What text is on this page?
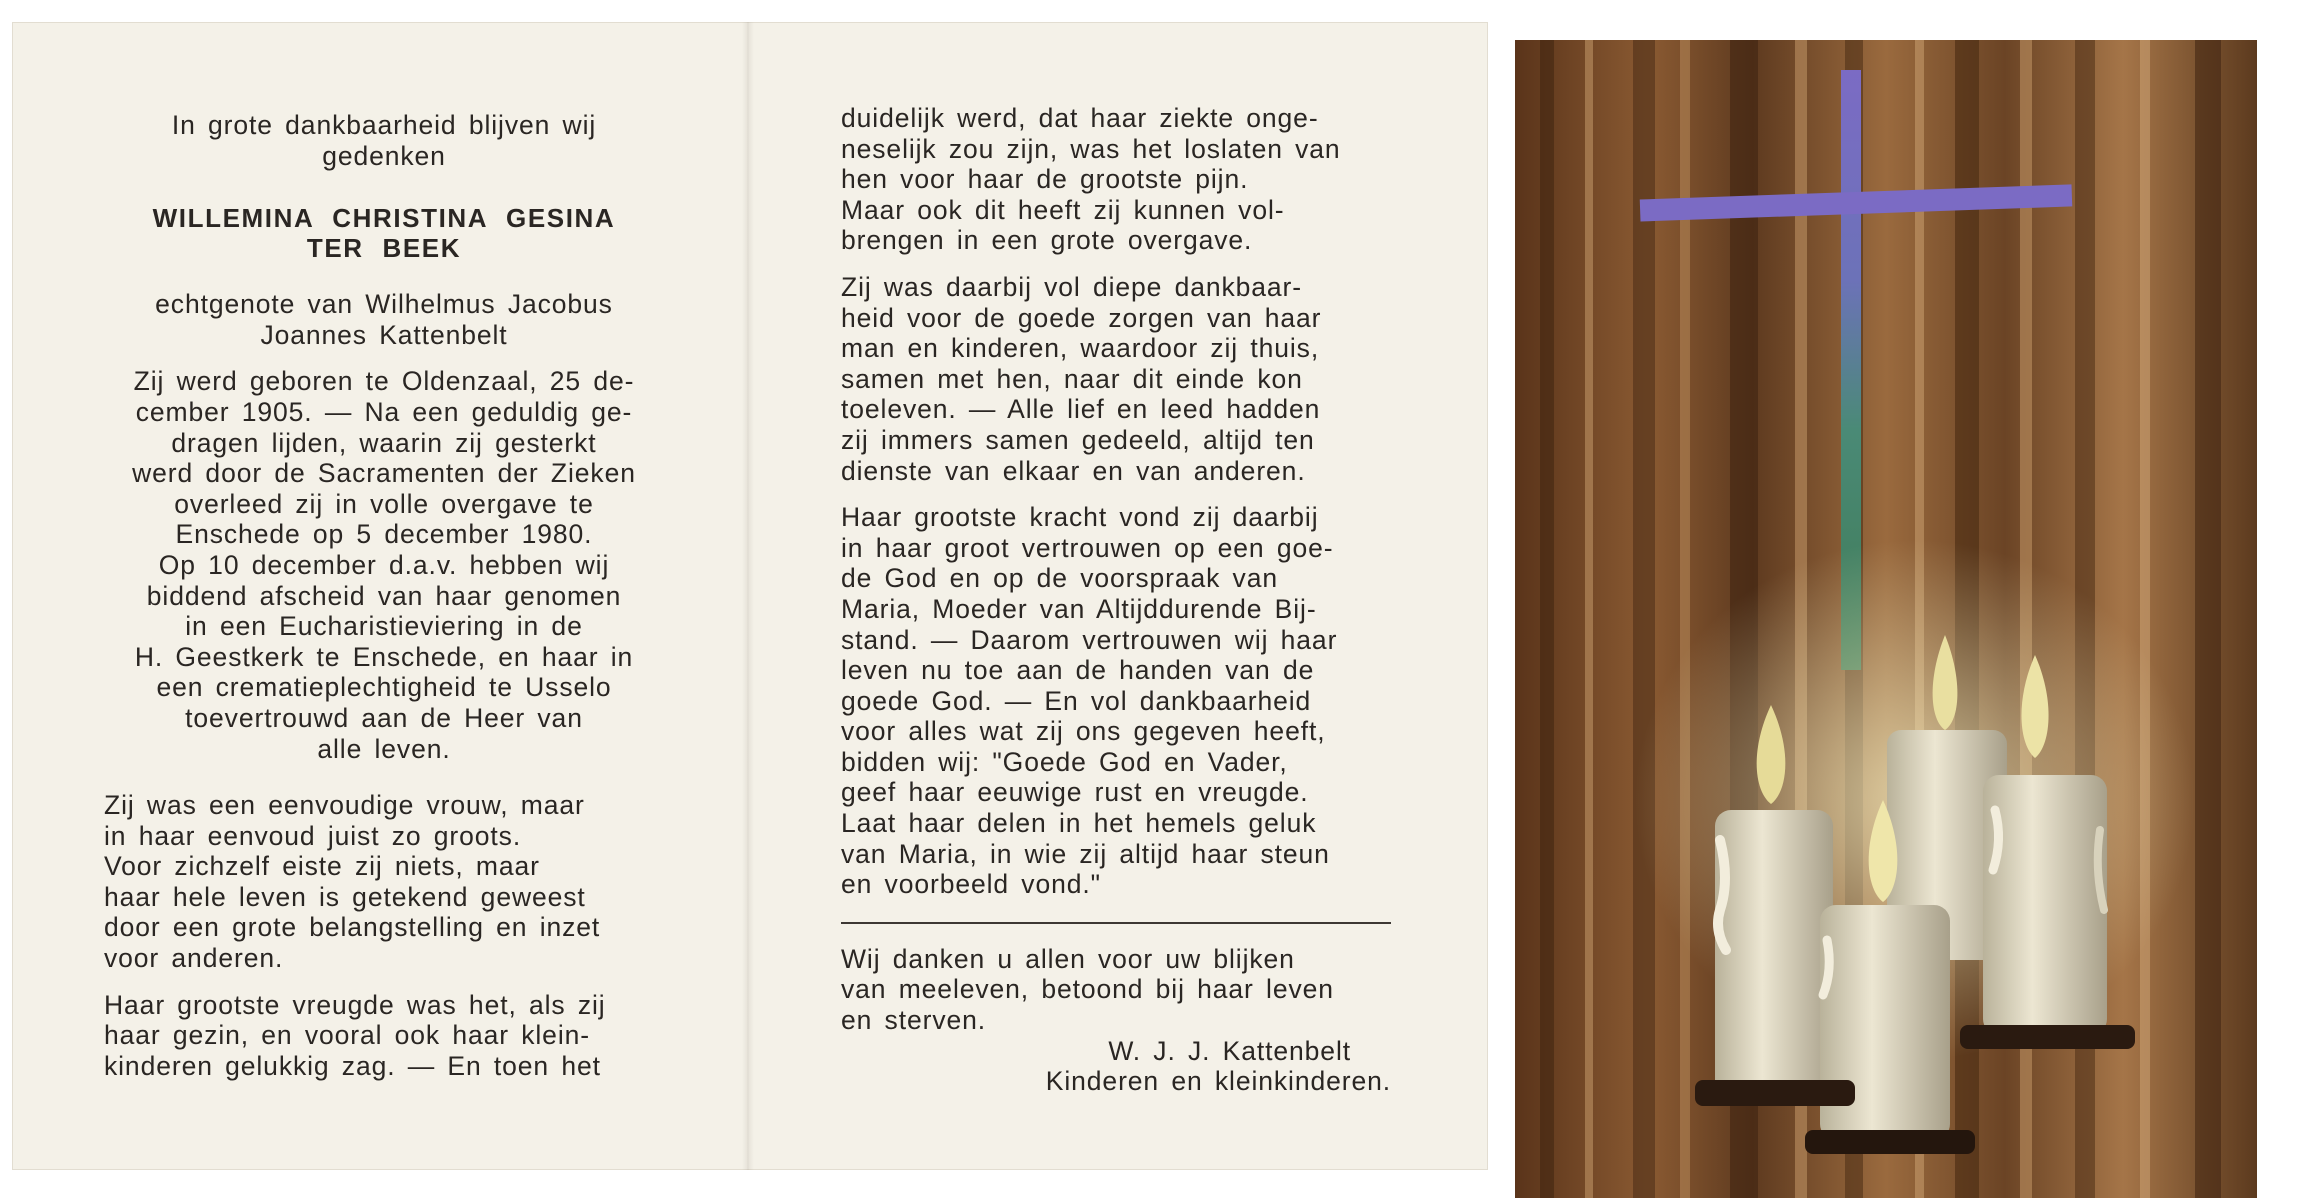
In grote dankbaarheid blijven wij gedenken

WILLEMINA CHRISTINA GESINA
TER BEEK
echtgenote van Wilhelmus Jacobus
Joannes Kattenbelt
Zij werd geboren te Oldenzaal, 25 de-
cember 1905. — Na een geduldig ge-
dragen lijden, waarin zij gesterkt
werd door de Sacramenten der Zieken
overleed zij in volle overgave te
Enschede op 5 december 1980.
Op 10 december d.a.v. hebben wij
biddend afscheid van haar genomen
in een Eucharistieviering in de
H. Geestkerk te Enschede, en haar in
een crematieplechtigheid te Usselo
toevertrouwd aan de Heer van
alle leven.
Zij was een eenvoudige vrouw, maar
in haar eenvoud juist zo groots.
Voor zichzelf eiste zij niets, maar
haar hele leven is getekend geweest
door een grote belangstelling en inzet
voor anderen.
Haar grootste vreugde was het, als zij
haar gezin, en vooral ook haar klein-
kinderen gelukkig zag. — En toen het
duidelijk werd, dat haar ziekte onge-
neselijk zou zijn, was het loslaten van
hen voor haar de grootste pijn.
Maar ook dit heeft zij kunnen vol-
brengen in een grote overgave.
Zij was daarbij vol diepe dankbaar-
heid voor de goede zorgen van haar
man en kinderen, waardoor zij thuis,
samen met hen, naar dit einde kon
toeleven. — Alle lief en leed hadden
zij immers samen gedeeld, altijd ten
dienste van elkaar en van anderen.
Haar grootste kracht vond zij daarbij
in haar groot vertrouwen op een goe-
de God en op de voorspraak van
Maria, Moeder van Altijddurende Bij-
stand. — Daarom vertrouwen wij haar
leven nu toe aan de handen van de
goede God. — En vol dankbaarheid
voor alles wat zij ons gegeven heeft,
bidden wij: "Goede God en Vader,
geef haar eeuwige rust en vreugde.
Laat haar delen in het hemels geluk
van Maria, in wie zij altijd haar steun
en voorbeeld vond."
Wij danken u allen voor uw blijken
van meeleven, betoond bij haar leven
en sterven.
W. J. J. Kattenbelt
Kinderen en kleinkinderen.
